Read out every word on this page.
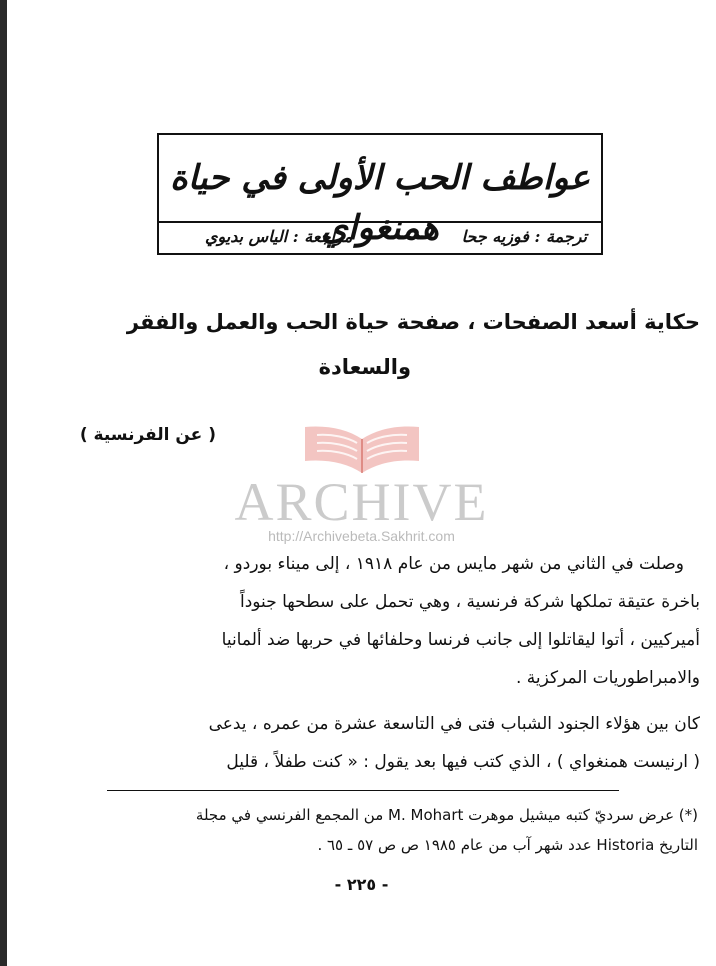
عواطف الحب الأولى في حياة همنغواي	ترجمة : فوزيه جحا
مراجعة : الياس بديوي
حكاية أسعد الصفحات ، صفحة حياة الحب والعمل والفقر
والسعادة
( عن الفرنسية )
ARCHIVE
http://Archivebeta.Sakhrit.com
وصلت في الثاني من شهر مايس من عام ١٩١٨ ، إلى ميناء بوردو ،
باخرة عتيقة تملكها شركة فرنسية ، وهي تحمل على سطحها جنوداً
أميركيين ، أتوا ليقاتلوا إلى جانب فرنسا وحلفائها في حربها ضد ألمانيا
والامبراطوريات المركزية .
كان بين هؤلاء الجنود الشباب فتى في التاسعة عشرة من عمره ، يدعى
( ارنيست همنغواي ) ، الذي كتب فيها بعد يقول : « كنت طفلاً ، قليل
(*) عرض سرديّ كتبه ميشيل موهرت M. Mohart من المجمع الفرنسي في مجلة
التاريخ Historia عدد شهر آب من عام ١٩٨٥ ص ص ٥٧ ـ ٦٥ .
- ٢٢٥ -
